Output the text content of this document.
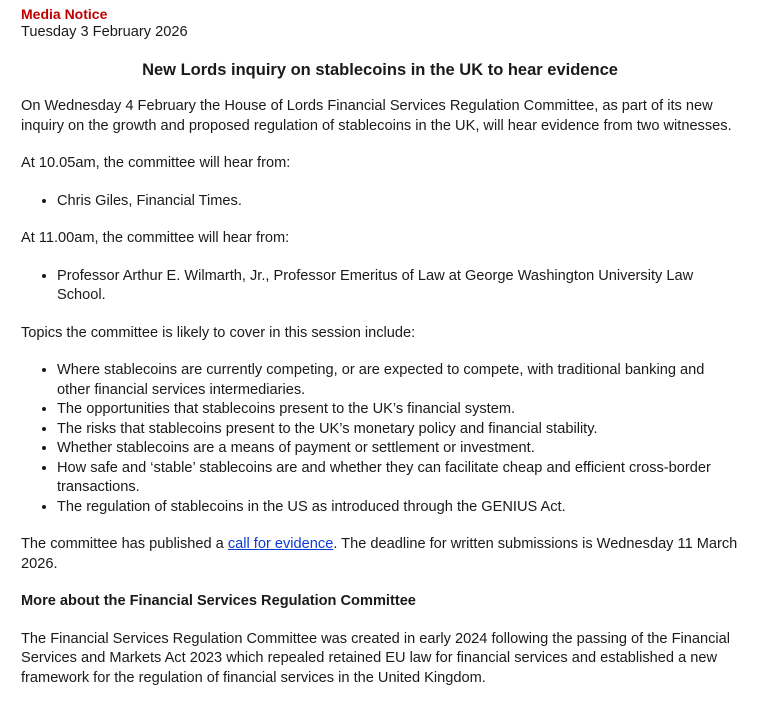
Media Notice
Tuesday 3 February 2026
New Lords inquiry on stablecoins in the UK to hear evidence

On Wednesday 4 February the House of Lords Financial Services Regulation Committee, as part of its new inquiry on the growth and proposed regulation of stablecoins in the UK, will hear evidence from two witnesses.

At 10.05am, the committee will hear from:

• Chris Giles, Financial Times.

At 11.00am, the committee will hear from:

• Professor Arthur E. Wilmarth, Jr., Professor Emeritus of Law at George Washington University Law School.

Topics the committee is likely to cover in this session include:

• Where stablecoins are currently competing, or are expected to compete, with traditional banking and other financial services intermediaries.
• The opportunities that stablecoins present to the UK’s financial system.
• The risks that stablecoins present to the UK’s monetary policy and financial stability.
• Whether stablecoins are a means of payment or settlement or investment.
• How safe and ‘stable’ stablecoins are and whether they can facilitate cheap and efficient cross-border transactions.
• The regulation of stablecoins in the US as introduced through the GENIUS Act.

The committee has published a call for evidence. The deadline for written submissions is Wednesday 11 March 2026.

More about the Financial Services Regulation Committee

The Financial Services Regulation Committee was created in early 2024 following the passing of the Financial Services and Markets Act 2023 which repealed retained EU law for financial services and established a new framework for the regulation of financial services in the United Kingdom.
